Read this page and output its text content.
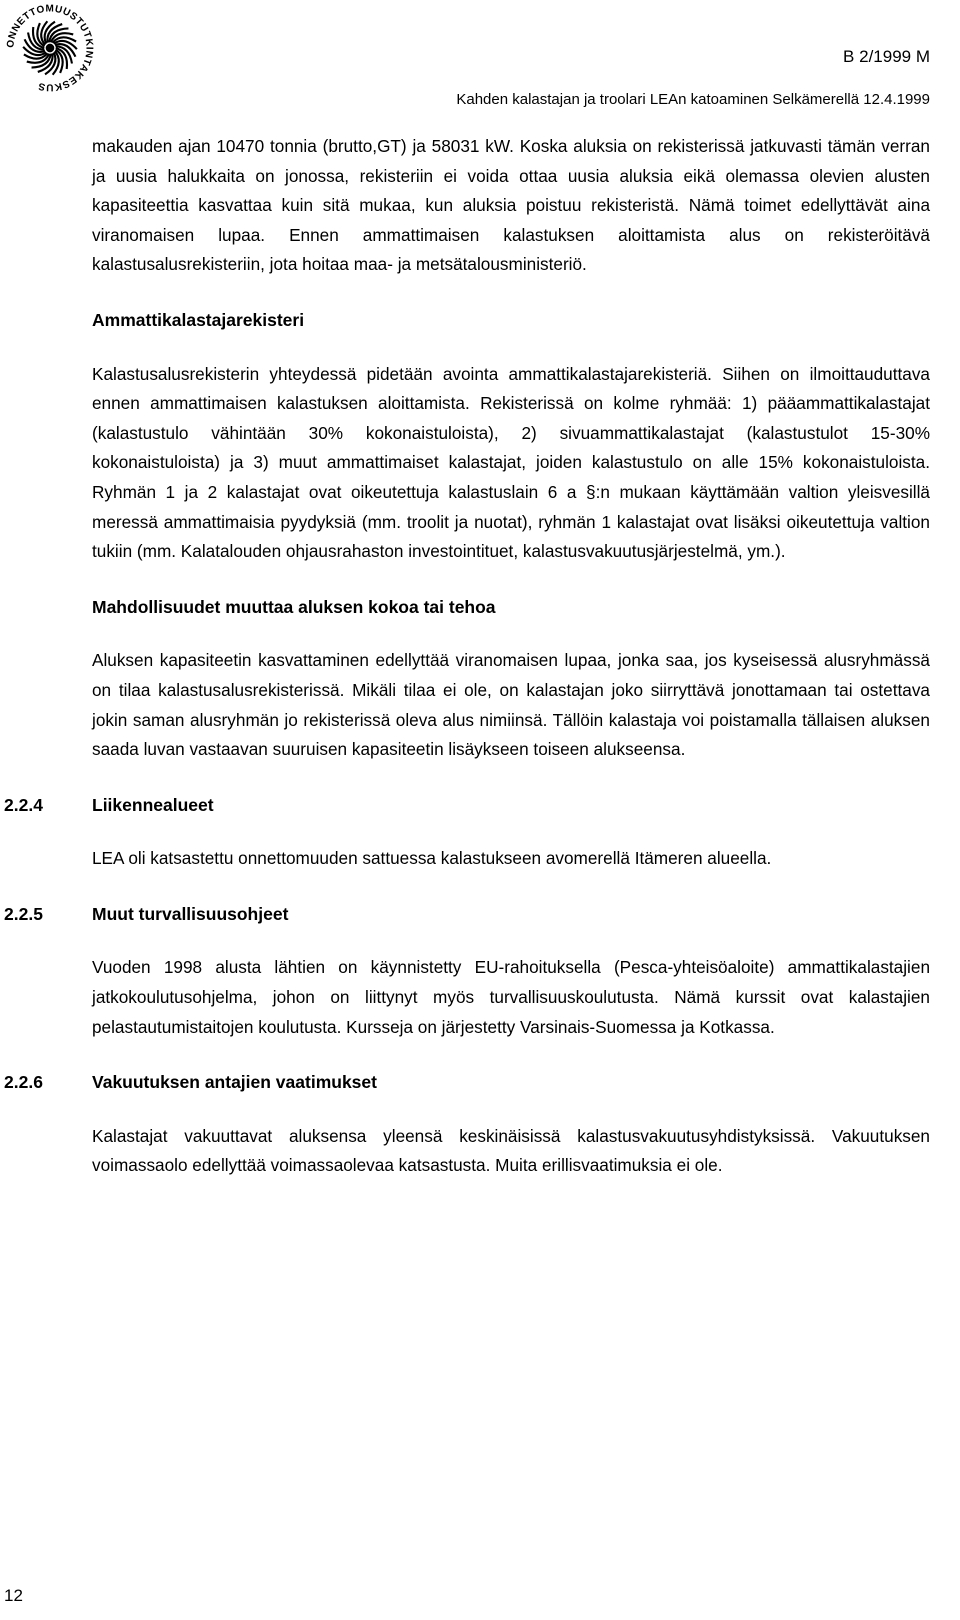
ONNETTOMUUSTUTKINTAKESKUS
B 2/1999 M
Kahden kalastajan ja troolari LEAn katoaminen Selkämerellä 12.4.1999

makauden ajan 10470 tonnia (brutto,GT) ja 58031 kW. Koska aluksia on rekisterissä jatkuvasti tämän verran ja uusia halukkaita on jonossa, rekisteriin ei voida ottaa uusia aluksia eikä olemassa olevien alusten kapasiteettia kasvattaa kuin sitä mukaa, kun aluksia poistuu rekisteristä. Nämä toimet edellyttävät aina viranomaisen lupaa. Ennen ammattimaisen kalastuksen aloittamista alus on rekisteröitävä kalastusalusrekisteriin, jota hoitaa maa- ja metsätalousministeriö.

Ammattikalastajarekisteri

Kalastusalusrekisterin yhteydessä pidetään avointa ammattikalastajarekisteriä. Siihen on ilmoittauduttava ennen ammattimaisen kalastuksen aloittamista. Rekisterissä on kolme ryhmää: 1) pääammattikalastajat (kalastustulo vähintään 30% kokonaistuloista), 2) sivuammattikalastajat (kalastustulot 15-30% kokonaistuloista) ja 3) muut ammattimaiset kalastajat, joiden kalastustulo on alle 15% kokonaistuloista. Ryhmän 1 ja 2 kalastajat ovat oikeutettuja kalastuslain 6 a §:n mukaan käyttämään valtion yleisvesillä meressä ammattimaisia pyydyksiä (mm. troolit ja nuotat), ryhmän 1 kalastajat ovat lisäksi oikeutettuja valtion tukiin (mm. Kalatalouden ohjausrahaston investointituet, kalastusvakuutusjärjestelmä, ym.).

Mahdollisuudet muuttaa aluksen kokoa tai tehoa

Aluksen kapasiteetin kasvattaminen edellyttää viranomaisen lupaa, jonka saa, jos kyseisessä alusryhmässä on tilaa kalastusalusrekisterissä. Mikäli tilaa ei ole, on kalastajan joko siirryttävä jonottamaan tai ostettava jokin saman alusryhmän jo rekisterissä oleva alus nimiinsä. Tällöin kalastaja voi poistamalla tällaisen aluksen saada luvan vastaavan suuruisen kapasiteetin lisäykseen toiseen alukseensa.

2.2.4	Liikennealueet

LEA oli katsastettu onnettomuuden sattuessa kalastukseen avomerellä Itämeren alueella.

2.2.5	Muut turvallisuusohjeet

Vuoden 1998 alusta lähtien on käynnistetty EU-rahoituksella (Pesca-yhteisöaloite) ammattikalastajien jatkokoulutusohjelma, johon on liittynyt myös turvallisuuskoulutusta. Nämä kurssit ovat kalastajien pelastautumistaitojen koulutusta. Kursseja on järjestetty Varsinais-Suomessa ja Kotkassa.

2.2.6	Vakuutuksen antajien vaatimukset

Kalastajat vakuuttavat aluksensa yleensä keskinäisissä kalastusvakuutusyhdistyksissä. Vakuutuksen voimassaolo edellyttää voimassaolevaa katsastusta. Muita erillisvaatimuksia ei ole.

12
